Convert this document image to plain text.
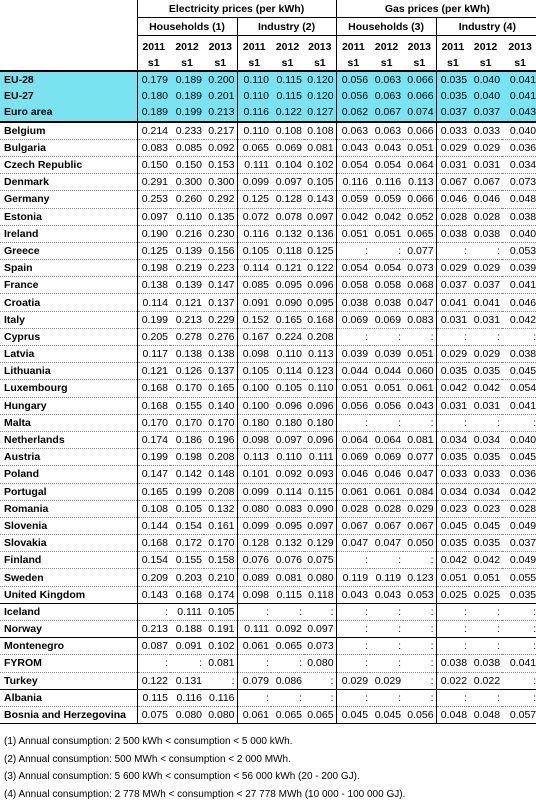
	Electricity prices (per kWh)						Gas prices (per kWh)					
	Households (1)			Industry (2)			Households (3)			Industry (4)		
	2011	2012	2013	2011	2012	2013	2011	2012	2013	2011	2012	2013
	s1	s1	s1	s1	s1	s1	s1	s1	s1	s1	s1	s1
EU-28	0.179	0.189	0.200	0.110	0.115	0.120	0.056	0.063	0.066	0.035	0.040	0.041
EU-27	0.180	0.189	0.201	0.110	0.115	0.120	0.056	0.063	0.066	0.035	0.040	0.041
Euro area	0.189	0.199	0.213	0.116	0.122	0.127	0.062	0.067	0.074	0.037	0.037	0.043
Belgium	0.214	0.233	0.217	0.110	0.108	0.108	0.063	0.063	0.066	0.033	0.033	0.040
Bulgaria	0.083	0.085	0.092	0.065	0.069	0.081	0.043	0.043	0.051	0.029	0.029	0.036
Czech Republic	0.150	0.150	0.153	0.111	0.104	0.102	0.054	0.054	0.064	0.031	0.031	0.034
Denmark	0.291	0.300	0.300	0.099	0.097	0.105	0.116	0.116	0.113	0.067	0.067	0.073
Germany	0.253	0.260	0.292	0.125	0.128	0.143	0.059	0.059	0.066	0.046	0.046	0.048
Estonia	0.097	0.110	0.135	0.072	0.078	0.097	0.042	0.042	0.052	0.028	0.028	0.038
Ireland	0.190	0.216	0.230	0.116	0.132	0.136	0.051	0.051	0.065	0.038	0.038	0.040
Greece	0.125	0.139	0.156	0.105	0.118	0.125	:	:	0.077	:	:	0.053
Spain	0.198	0.219	0.223	0.114	0.121	0.122	0.054	0.054	0.073	0.029	0.029	0.039
France	0.138	0.139	0.147	0.085	0.095	0.096	0.058	0.058	0.068	0.037	0.037	0.041
Croatia	0.114	0.121	0.137	0.091	0.090	0.095	0.038	0.038	0.047	0.041	0.041	0.046
Italy	0.199	0.213	0.229	0.152	0.165	0.168	0.069	0.069	0.083	0.031	0.031	0.042
Cyprus	0.205	0.278	0.276	0.167	0.224	0.208	:	:	:	:	:	:
Latvia	0.117	0.138	0.138	0.098	0.110	0.113	0.039	0.039	0.051	0.029	0.029	0.038
Lithuania	0.121	0.126	0.137	0.105	0.114	0.123	0.044	0.044	0.060	0.035	0.035	0.045
Luxembourg	0.168	0.170	0.165	0.100	0.105	0.110	0.051	0.051	0.061	0.042	0.042	0.054
Hungary	0.168	0.155	0.140	0.100	0.096	0.096	0.056	0.056	0.043	0.031	0.031	0.041
Malta	0.170	0.170	0.170	0.180	0.180	0.180	:	:	:	:	:	:
Netherlands	0.174	0.186	0.196	0.098	0.097	0.096	0.064	0.064	0.081	0.034	0.034	0.040
Austria	0.199	0.198	0.208	0.113	0.110	0.111	0.069	0.069	0.077	0.035	0.035	0.045
Poland	0.147	0.142	0.148	0.101	0.092	0.093	0.046	0.046	0.047	0.033	0.033	0.036
Portugal	0.165	0.199	0.208	0.099	0.114	0.115	0.061	0.061	0.084	0.034	0.034	0.042
Romania	0.108	0.105	0.132	0.080	0.083	0.090	0.028	0.028	0.029	0.023	0.023	0.028
Slovenia	0.144	0.154	0.161	0.099	0.095	0.097	0.067	0.067	0.067	0.045	0.045	0.049
Slovakia	0.168	0.172	0.170	0.128	0.132	0.129	0.047	0.047	0.050	0.035	0.035	0.037
Finland	0.154	0.155	0.158	0.076	0.076	0.075	:	:	:	0.042	0.042	0.049
Sweden	0.209	0.203	0.210	0.089	0.081	0.080	0.119	0.119	0.123	0.051	0.051	0.055
United Kingdom	0.143	0.168	0.174	0.098	0.115	0.118	0.043	0.043	0.053	0.025	0.025	0.035
Iceland	:	0.111	0.105	:	:	:	:	:	:	:	:	:
Norway	0.213	0.188	0.191	0.111	0.092	0.097	:	:	:	:	:	:
Montenegro	0.087	0.091	0.102	0.061	0.065	0.073	:	:	:	:	:	:
FYROM	:	:	0.081	:	:	0.080	:	:	:	0.038	0.038	0.041
Turkey	0.122	0.131	:	0.079	0.086	:	0.029	0.029	:	0.022	0.022	:
Albania	0.115	0.116	0.116	:	:	:	:	:	:	:	:	:
Bosnia and Herzegovina	0.075	0.080	0.080	0.061	0.065	0.065	0.045	0.045	0.056	0.048	0.048	0.057
(1) Annual consumption: 2 500 kWh < consumption < 5 000 kWh.
(2) Annual consumption: 500 MWh < consumption < 2 000 MWh.
(3) Annual consumption: 5 600 kWh < consumption < 56 000 kWh (20 - 200 GJ).
(4) Annual consumption: 2 778 MWh < consumption < 27 778 MWh (10 000 - 100 000 GJ).
